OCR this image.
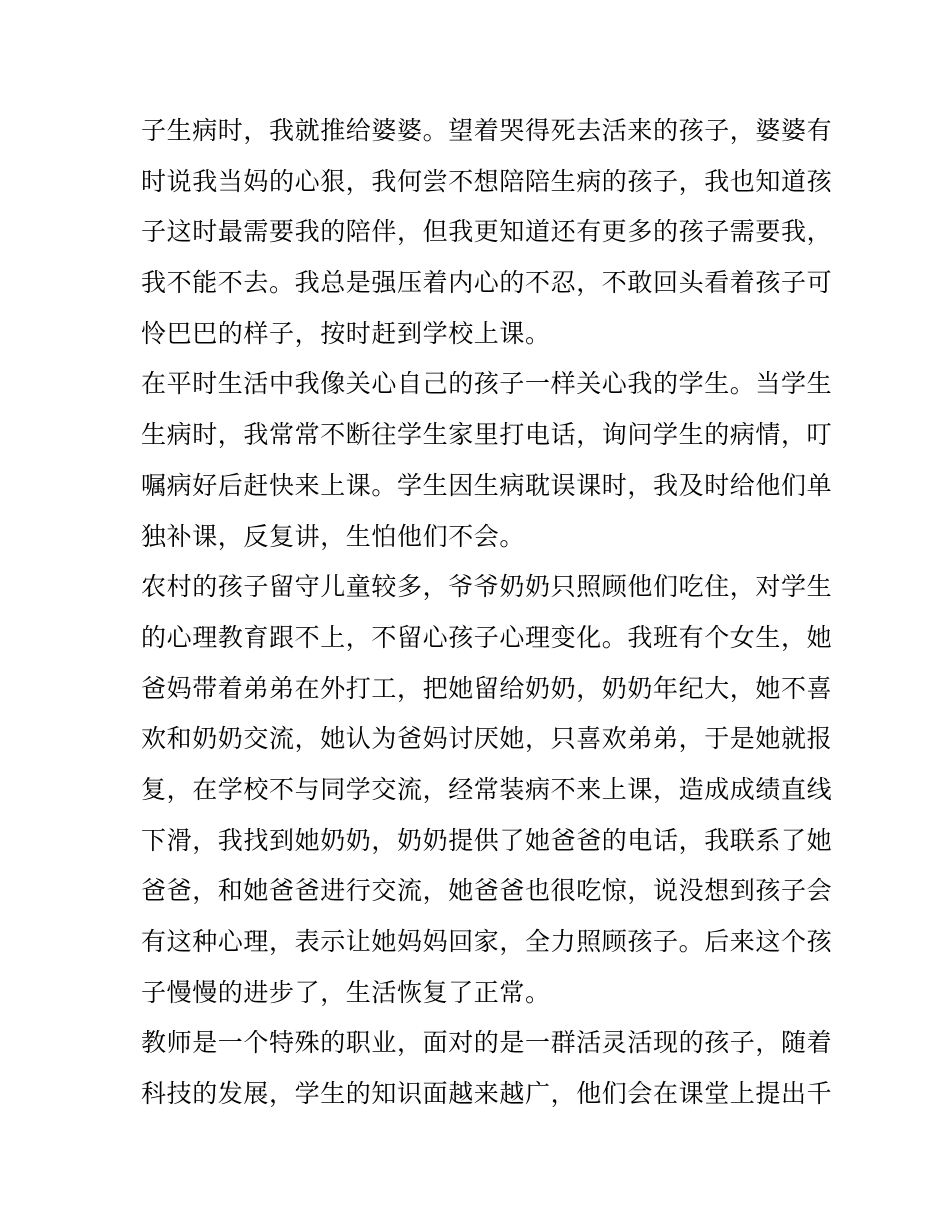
子生病时，我就推给婆婆。望着哭得死去活来的孩子，婆婆有
时说我当妈的心狠，我何尝不想陪陪生病的孩子，我也知道孩
子这时最需要我的陪伴，但我更知道还有更多的孩子需要我，
我不能不去。我总是强压着内心的不忍，不敢回头看着孩子可
怜巴巴的样子，按时赶到学校上课。
在平时生活中我像关心自己的孩子一样关心我的学生。当学生
生病时，我常常不断往学生家里打电话，询问学生的病情，叮
嘱病好后赶快来上课。学生因生病耽误课时，我及时给他们单
独补课，反复讲，生怕他们不会。
农村的孩子留守儿童较多，爷爷奶奶只照顾他们吃住，对学生
的心理教育跟不上，不留心孩子心理变化。我班有个女生，她
爸妈带着弟弟在外打工，把她留给奶奶，奶奶年纪大，她不喜
欢和奶奶交流，她认为爸妈讨厌她，只喜欢弟弟，于是她就报
复，在学校不与同学交流，经常装病不来上课，造成成绩直线
下滑，我找到她奶奶，奶奶提供了她爸爸的电话，我联系了她
爸爸，和她爸爸进行交流，她爸爸也很吃惊，说没想到孩子会
有这种心理，表示让她妈妈回家，全力照顾孩子。后来这个孩
子慢慢的进步了，生活恢复了正常。
教师是一个特殊的职业，面对的是一群活灵活现的孩子，随着
科技的发展，学生的知识面越来越广，他们会在课堂上提出千
